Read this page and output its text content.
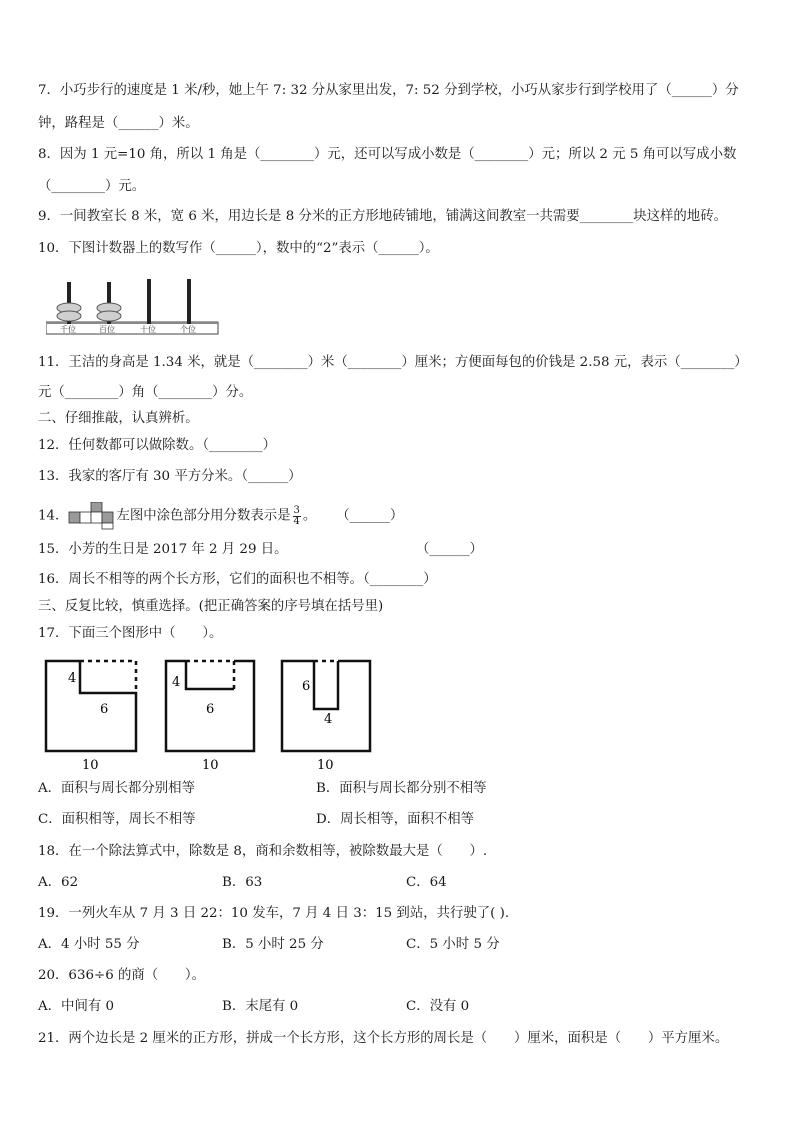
7．小巧步行的速度是 1 米/秒，她上午 7: 32 分从家里出发，7: 52 分到学校，小巧从家步行到学校用了（______）分
钟，路程是（______）米。
8．因为 1 元=10 角，所以 1 角是（________）元，还可以写成小数是（________）元；所以 2 元 5 角可以写成小数
（________）元。
9．一间教室长 8 米，宽 6 米，用边长是 8 分米的正方形地砖铺地，铺满这间教室一共需要________块这样的地砖。
10．下图计数器上的数写作（______），数中的“2”表示（______）。
千位	百位	十位	个位
11．王洁的身高是 1.34 米，就是（________）米（________）厘米；方便面每包的价钱是 2.58 元，表示（________）
元（________）角（________）分。
二、仔细推敲，认真辨析。
12．任何数都可以做除数。（________）
13．我家的客厅有 30 平方分米。（______）
14．	左图中涂色部分用分数表示是 $\frac{3}{4}$ 。 （______）
15．小芳的生日是 2017 年 2 月 29 日。	（______）
16．周长不相等的两个长方形，它们的面积也不相等。（________）
三、反复比较，慎重选择。(把正确答案的序号填在括号里)
17．下面三个图形中（　　）。
4
6
10
4
6
10
6
4
10
A．面积与周长都分别相等	B．面积与周长都分别不相等
C．面积相等，周长不相等	D．周长相等，面积不相等
18．在一个除法算式中，除数是 8，商和余数相等，被除数最大是（　　）.
A．62	B．63	C．64
19．一列火车从 7 月 3 日 22：10 发车，7 月 4 日 3：15 到站，共行驶了( ).
A．4 小时 55 分	B．5 小时 25 分	C．5 小时 5 分
20．636÷6 的商（　　）。
A．中间有 0	B．末尾有 0	C．没有 0
21．两个边长是 2 厘米的正方形，拼成一个长方形，这个长方形的周长是（　　）厘米，面积是（　　）平方厘米。
